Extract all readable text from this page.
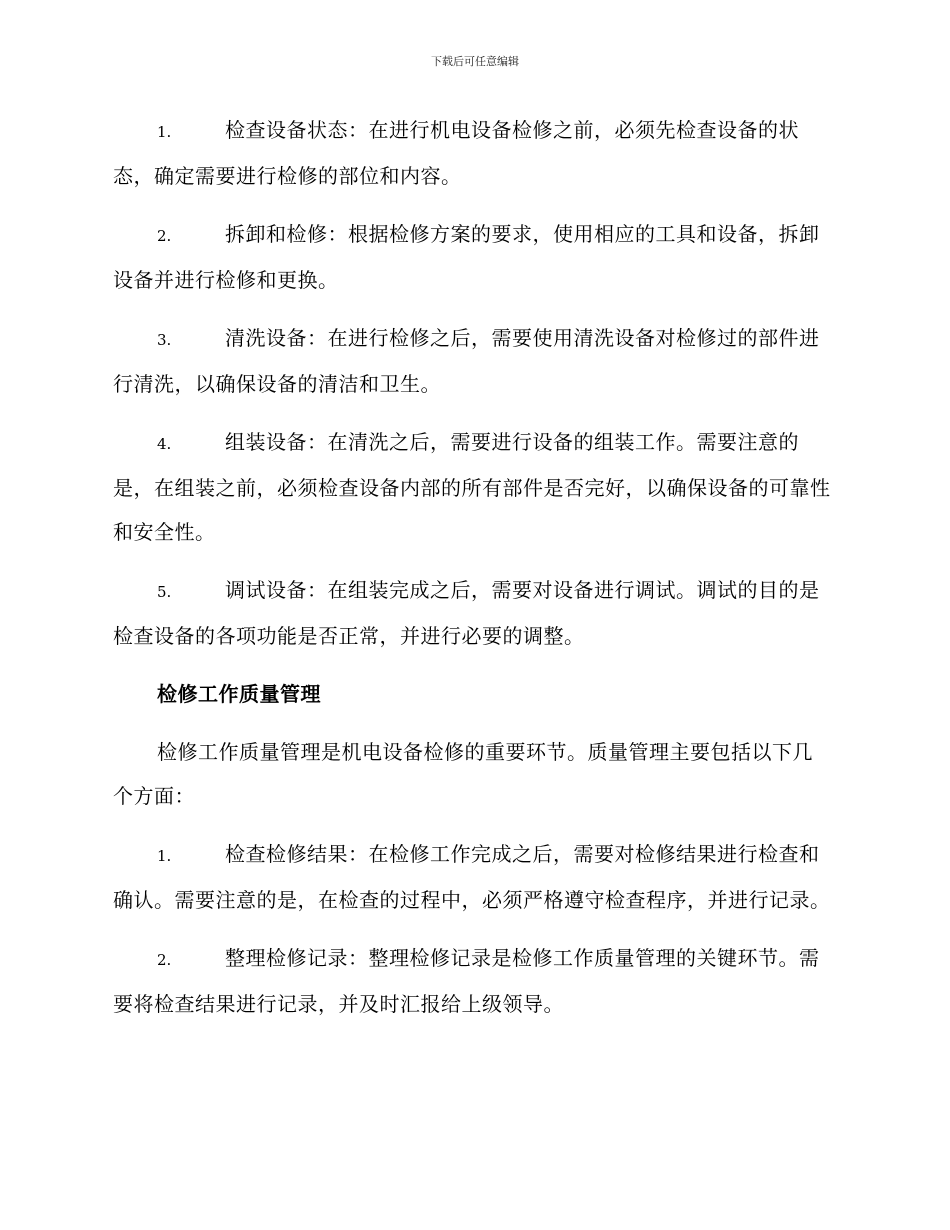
下载后可任意编辑

1.	检查设备状态：在进行机电设备检修之前，必须先检查设备的状态，确定需要进行检修的部位和内容。

2.	拆卸和检修：根据检修方案的要求，使用相应的工具和设备，拆卸设备并进行检修和更换。

3.	清洗设备：在进行检修之后，需要使用清洗设备对检修过的部件进行清洗，以确保设备的清洁和卫生。

4.	组装设备：在清洗之后，需要进行设备的组装工作。需要注意的是，在组装之前，必须检查设备内部的所有部件是否完好，以确保设备的可靠性和安全性。

5.	调试设备：在组装完成之后，需要对设备进行调试。调试的目的是检查设备的各项功能是否正常，并进行必要的调整。

检修工作质量管理

检修工作质量管理是机电设备检修的重要环节。质量管理主要包括以下几个方面：

1.	检查检修结果：在检修工作完成之后，需要对检修结果进行检查和确认。需要注意的是，在检查的过程中，必须严格遵守检查程序，并进行记录。

2.	整理检修记录：整理检修记录是检修工作质量管理的关键环节。需要将检查结果进行记录，并及时汇报给上级领导。
